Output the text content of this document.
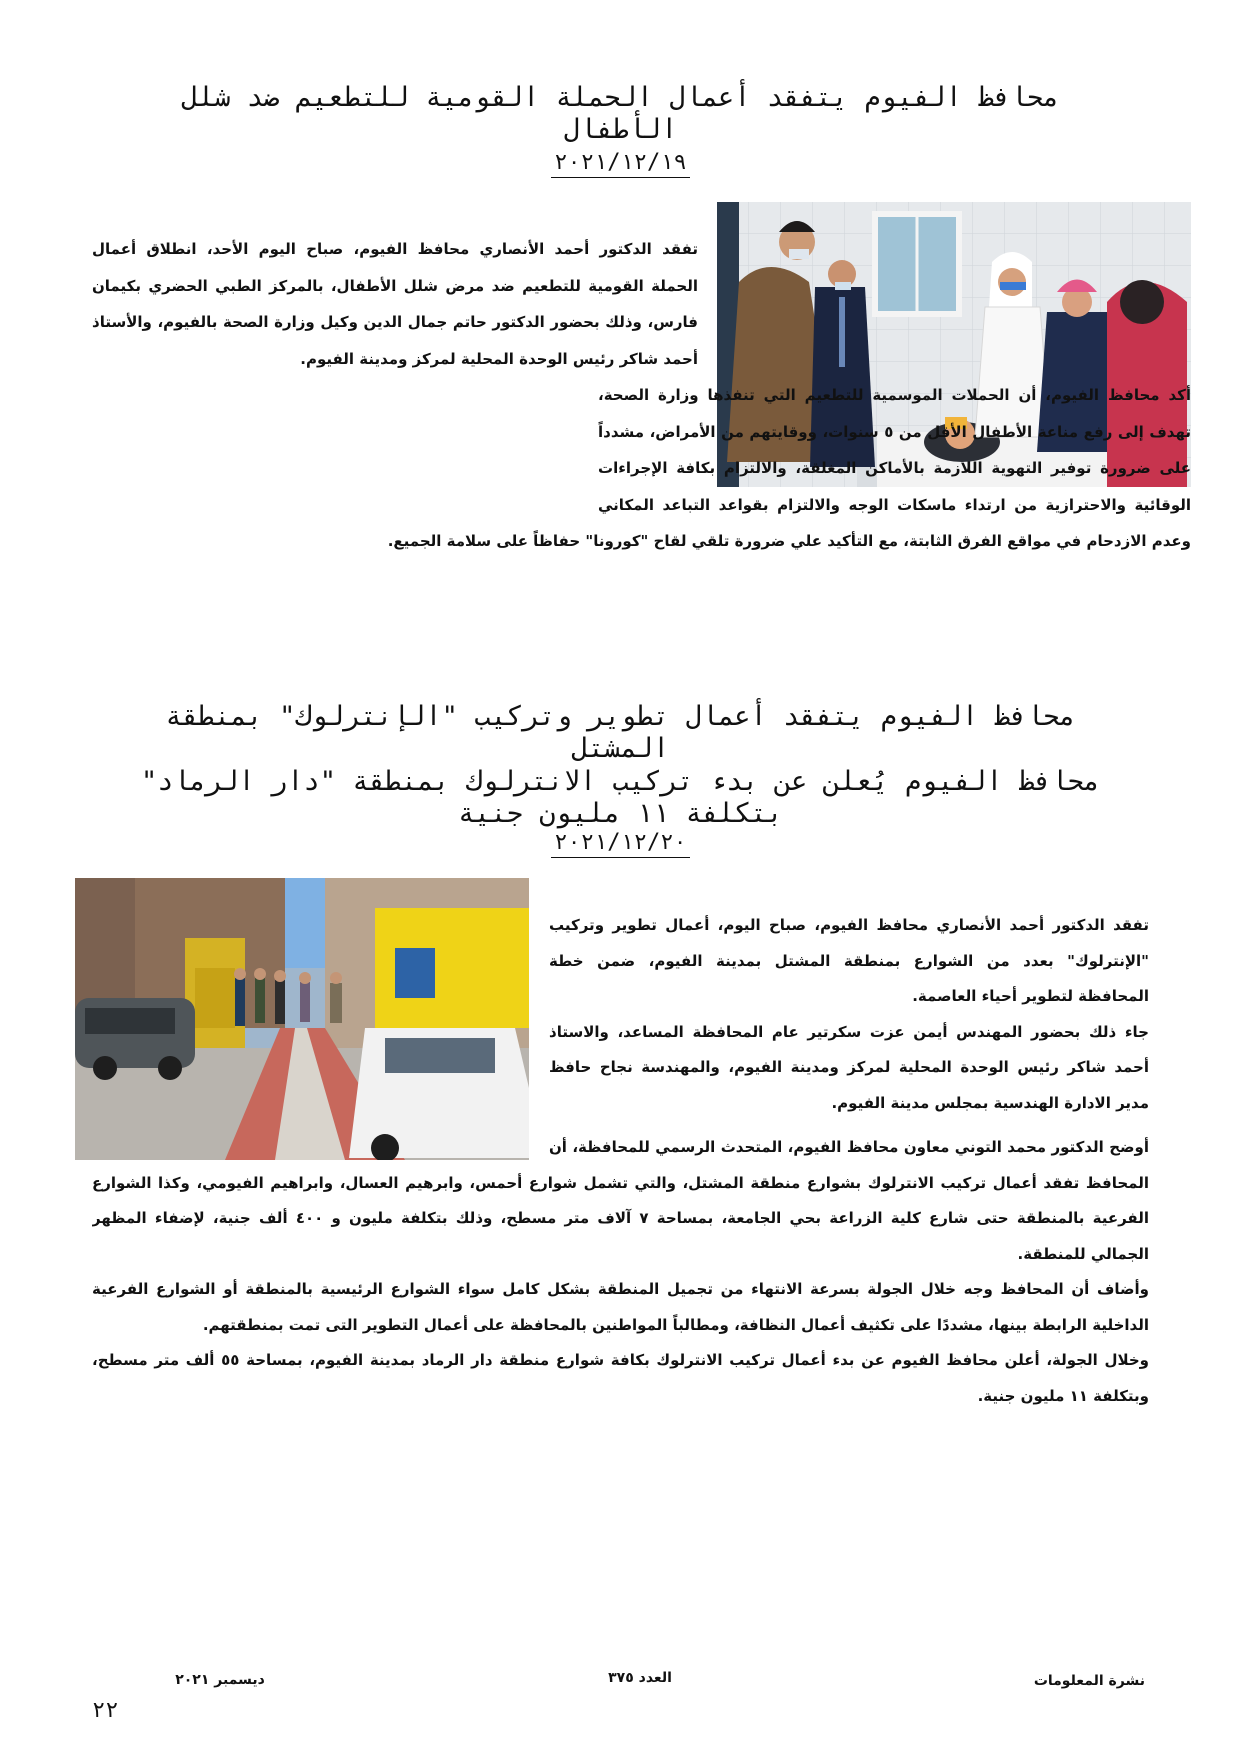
محافظ الفيوم يتفقد أعمال الحملة القومية للتطعيم ضد شلل الأطفال
٢٠٢١/١٢/١٩

تفقد الدكتور أحمد الأنصاري محافظ الفيوم، صباح اليوم الأحد، انطلاق أعمال الحملة القومية للتطعيم ضد مرض شلل الأطفال، بالمركز الطبي الحضري بكيمان فارس، وذلك بحضور الدكتور حاتم جمال الدين وكيل وزارة الصحة بالفيوم، والأستاذ أحمد شاكر رئيس الوحدة المحلية لمركز ومدينة الفيوم.

أكد محافظ الفيوم، أن الحملات الموسمية للتطعيم التي تنفذها وزارة الصحة، تهدف إلى رفع مناعة الأطفال الأقل من ٥ سنوات، ووقايتهم من الأمراض، مشدداً على ضرورة توفير التهوية اللازمة بالأماكن المغلقة، والالتزام بكافة الإجراءات الوقائية والاحترازية من ارتداء ماسكات الوجه والالتزام بقواعد التباعد المكاني وعدم الازدحام في مواقع الفرق الثابتة، مع التأكيد علي ضرورة تلقي لقاح "كورونا" حفاظاً على سلامة الجميع.

محافظ الفيوم يتفقد أعمال تطوير وتركيب "الإنترلوك" بمنطقة المشتل
محافظ الفيوم يُعلن عن بدء تركيب الانترلوك بمنطقة "دار الرماد" بتكلفة ١١ مليون جنية
٢٠٢١/١٢/٢٠

تفقد الدكتور أحمد الأنصاري محافظ الفيوم، صباح اليوم، أعمال تطوير وتركيب "الإنترلوك" بعدد من الشوارع بمنطقة المشتل بمدينة الفيوم، ضمن خطة المحافظة لتطوير أحياء العاصمة.

جاء ذلك بحضور المهندس أيمن عزت سكرتير عام المحافظة المساعد، والاستاذ أحمد شاكر رئيس الوحدة المحلية لمركز ومدينة الفيوم، والمهندسة نجاح حافظ مدير الادارة الهندسية بمجلس مدينة الفيوم.

أوضح الدكتور محمد التوني معاون محافظ الفيوم، المتحدث الرسمي للمحافظة، أن المحافظ تفقد أعمال تركيب الانترلوك بشوارع منطقة المشتل، والتي تشمل شوارع أحمس، وابرهيم العسال، وابراهيم الفيومي، وكذا الشوارع الفرعية بالمنطقة حتى شارع كلية الزراعة بحي الجامعة، بمساحة ٧ آلاف متر مسطح، وذلك بتكلفة مليون و ٤٠٠ ألف جنية، لإضفاء المظهر الجمالي للمنطقة.

وأضاف أن المحافظ وجه خلال الجولة بسرعة الانتهاء من تجميل المنطقة بشكل كامل سواء الشوارع الرئيسية بالمنطقة أو الشوارع الفرعية الداخلية الرابطة بينها، مشددًا على تكثيف أعمال النظافة، ومطالباً المواطنين بالمحافظة على أعمال التطوير التى تمت بمنطقتهم.

وخلال الجولة، أعلن محافظ الفيوم عن بدء أعمال تركيب الانترلوك بكافة شوارع منطقة دار الرماد بمدينة الفيوم، بمساحة ٥٥ ألف متر مسطح، وبتكلفة ١١ مليون جنية.

نشرة المعلومات
العدد ٣٧٥
ديسمبر ٢٠٢١
٢٢
